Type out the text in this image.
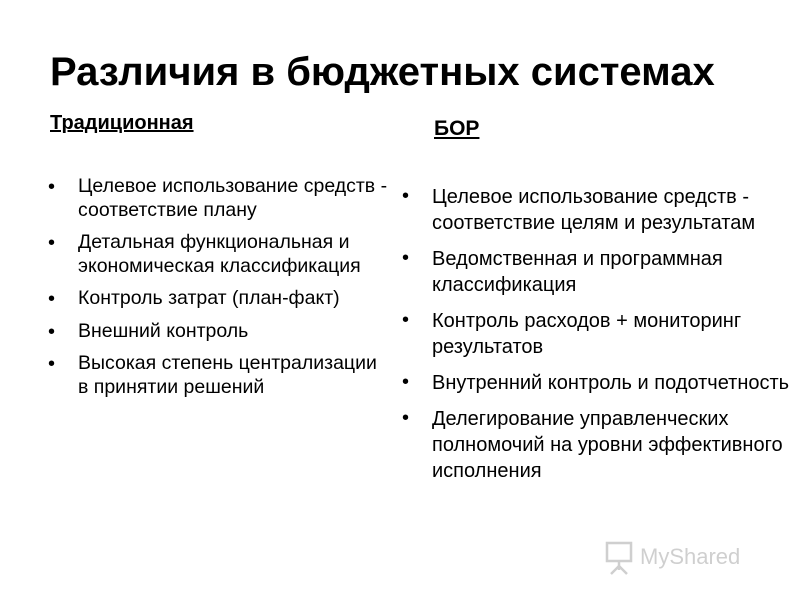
Различия в бюджетных системах
Традиционная	БОР
• Целевое использование средств - соответствие плану
• Детальная функциональная и экономическая классификация
• Контроль затрат (план-факт)
• Внешний контроль
• Высокая степень централизации в принятии решений
• Целевое использование средств - соответствие целям и результатам
• Ведомственная и программная классификация
• Контроль расходов + мониторинг результатов
• Внутренний контроль и подотчетность
• Делегирование управленческих полномочий на уровни эффективного исполнения
MyShared
